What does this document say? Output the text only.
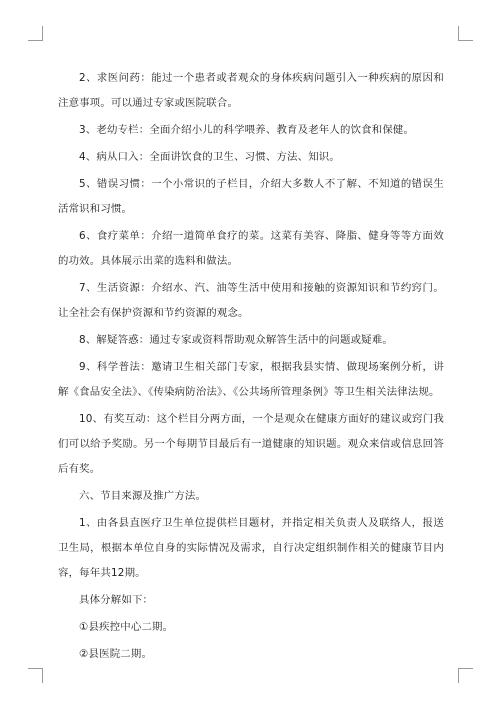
2、求医问药：能过一个患者或者观众的身体疾病问题引入一种疾病的原因和注意事项。可以通过专家或医院联合。

3、老幼专栏：全面介绍小儿的科学喂养、教育及老年人的饮食和保健。

4、病从口入：全面讲饮食的卫生、习惯、方法、知识。

5、错误习惯：一个小常识的子栏目，介绍大多数人不了解、不知道的错误生活常识和习惯。

6、食疗菜单：介绍一道简单食疗的菜。这菜有美容、降脂、健身等等方面效的功效。具体展示出菜的选料和做法。

7、生活资源：介绍水、汽、油等生活中使用和接触的资源知识和节约窍门。让全社会有保护资源和节约资源的观念。

8、解疑答惑：通过专家或资料帮助观众解答生活中的问题或疑难。

9、科学普法：邀请卫生相关部门专家，根据我县实情、做现场案例分析，讲解《食品安全法》、《传染病防治法》、《公共场所管理条例》等卫生相关法律法规。

10、有奖互动：这个栏目分两方面，一个是观众在健康方面好的建议或窍门我们可以给予奖励。另一个每期节目最后有一道健康的知识题。观众来信或信息回答后有奖。

六、节目来源及推广方法。

1、由各县直医疗卫生单位提供栏目题材，并指定相关负责人及联络人，报送卫生局，根据本单位自身的实际情况及需求，自行决定组织制作相关的健康节目内容，每年共12期。

具体分解如下：

①县疾控中心二期。

②县医院二期。
